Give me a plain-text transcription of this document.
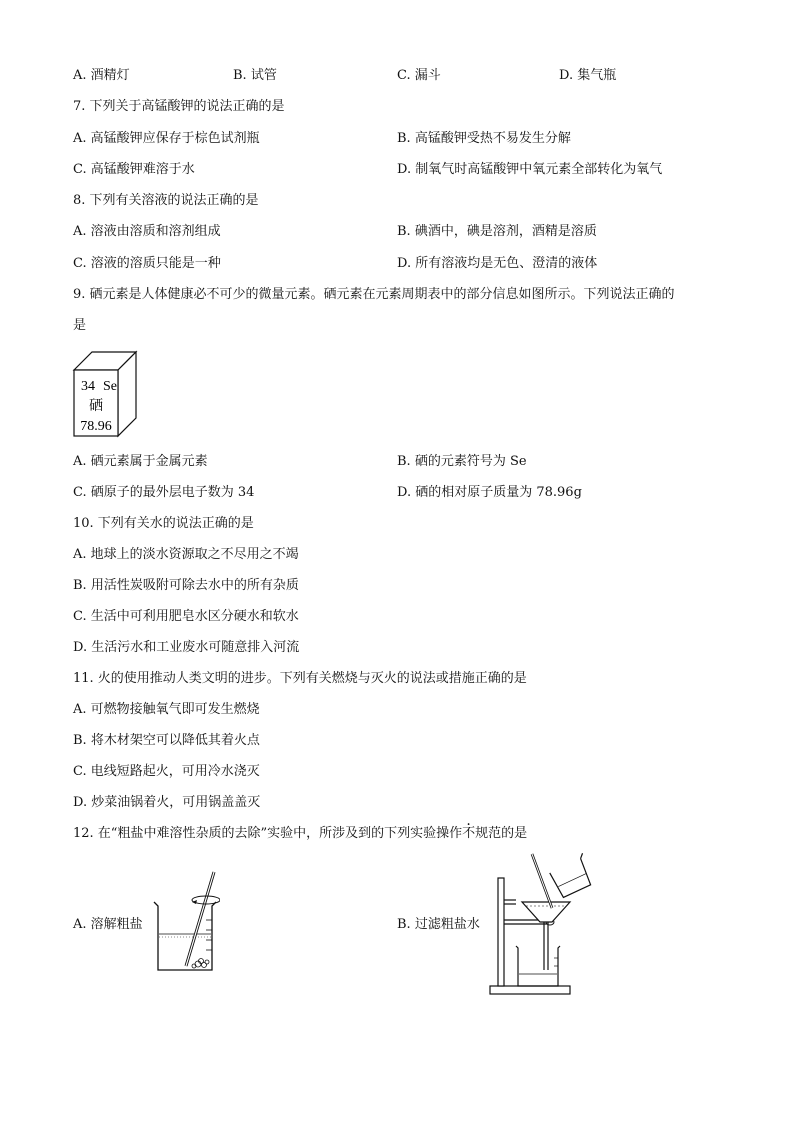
A. 酒精灯	B. 试管	C. 漏斗	D. 集气瓶
7. 下列关于高锰酸钾的说法正确的是
A. 高锰酸钾应保存于棕色试剂瓶	B. 高锰酸钾受热不易发生分解
C. 高锰酸钾难溶于水	D. 制氧气时高锰酸钾中氧元素全部转化为氧气
8. 下列有关溶液的说法正确的是
A. 溶液由溶质和溶剂组成	B. 碘酒中，碘是溶剂，酒精是溶质
C. 溶液的溶质只能是一种	D. 所有溶液均是无色、澄清的液体
9. 硒元素是人体健康必不可少的微量元素。硒元素在元素周期表中的部分信息如图所示。下列说法正确的
是
34 Se
硒
78.96
A. 硒元素属于金属元素	B. 硒的元素符号为 Se
C. 硒原子的最外层电子数为 34	D. 硒的相对原子质量为 78.96g
10. 下列有关水的说法正确的是
A. 地球上的淡水资源取之不尽用之不竭
B. 用活性炭吸附可除去水中的所有杂质
C. 生活中可利用肥皂水区分硬水和软水
D. 生活污水和工业废水可随意排入河流
11. 火的使用推动人类文明的进步。下列有关燃烧与灭火的说法或措施正确的是
A. 可燃物接触氧气即可发生燃烧
B. 将木材架空可以降低其着火点
C. 电线短路起火，可用冷水浇灭
D. 炒菜油锅着火，可用锅盖盖灭
12. 在“粗盐中难溶性杂质的去除”实验中，所涉及到的下列实验操作不规范的是
A. 溶解粗盐	B. 过滤粗盐水
